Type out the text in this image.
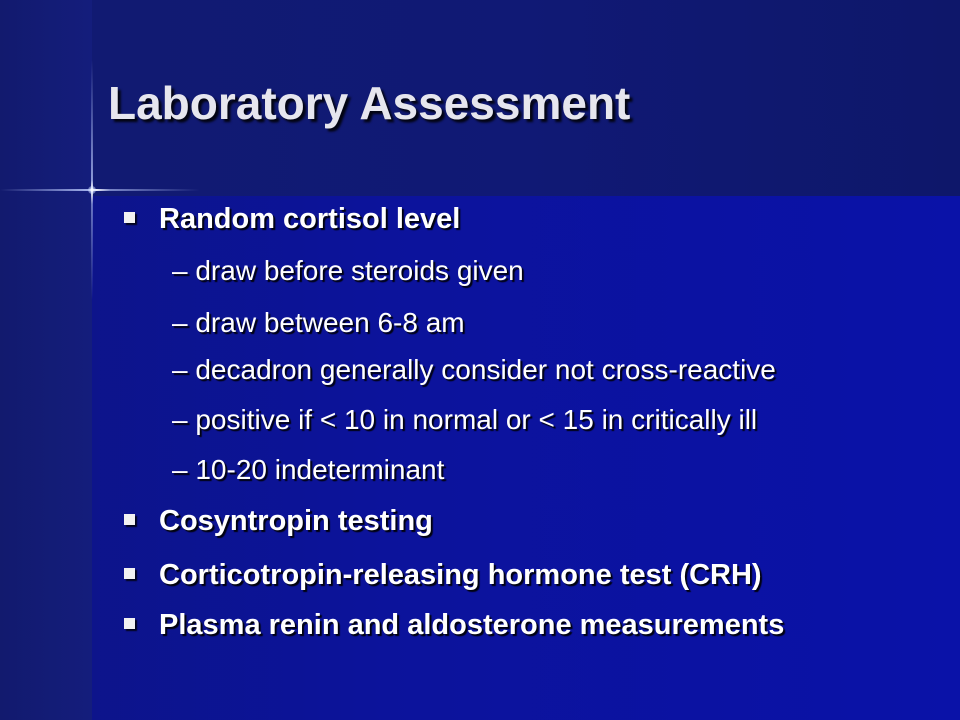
Laboratory Assessment
Random cortisol level
– draw before steroids given
– draw between 6-8 am
– decadron generally consider not cross-reactive
– positive if < 10 in normal or < 15 in critically ill
– 10-20 indeterminant
Cosyntropin testing
Corticotropin-releasing hormone test (CRH)
Plasma renin and aldosterone measurements
